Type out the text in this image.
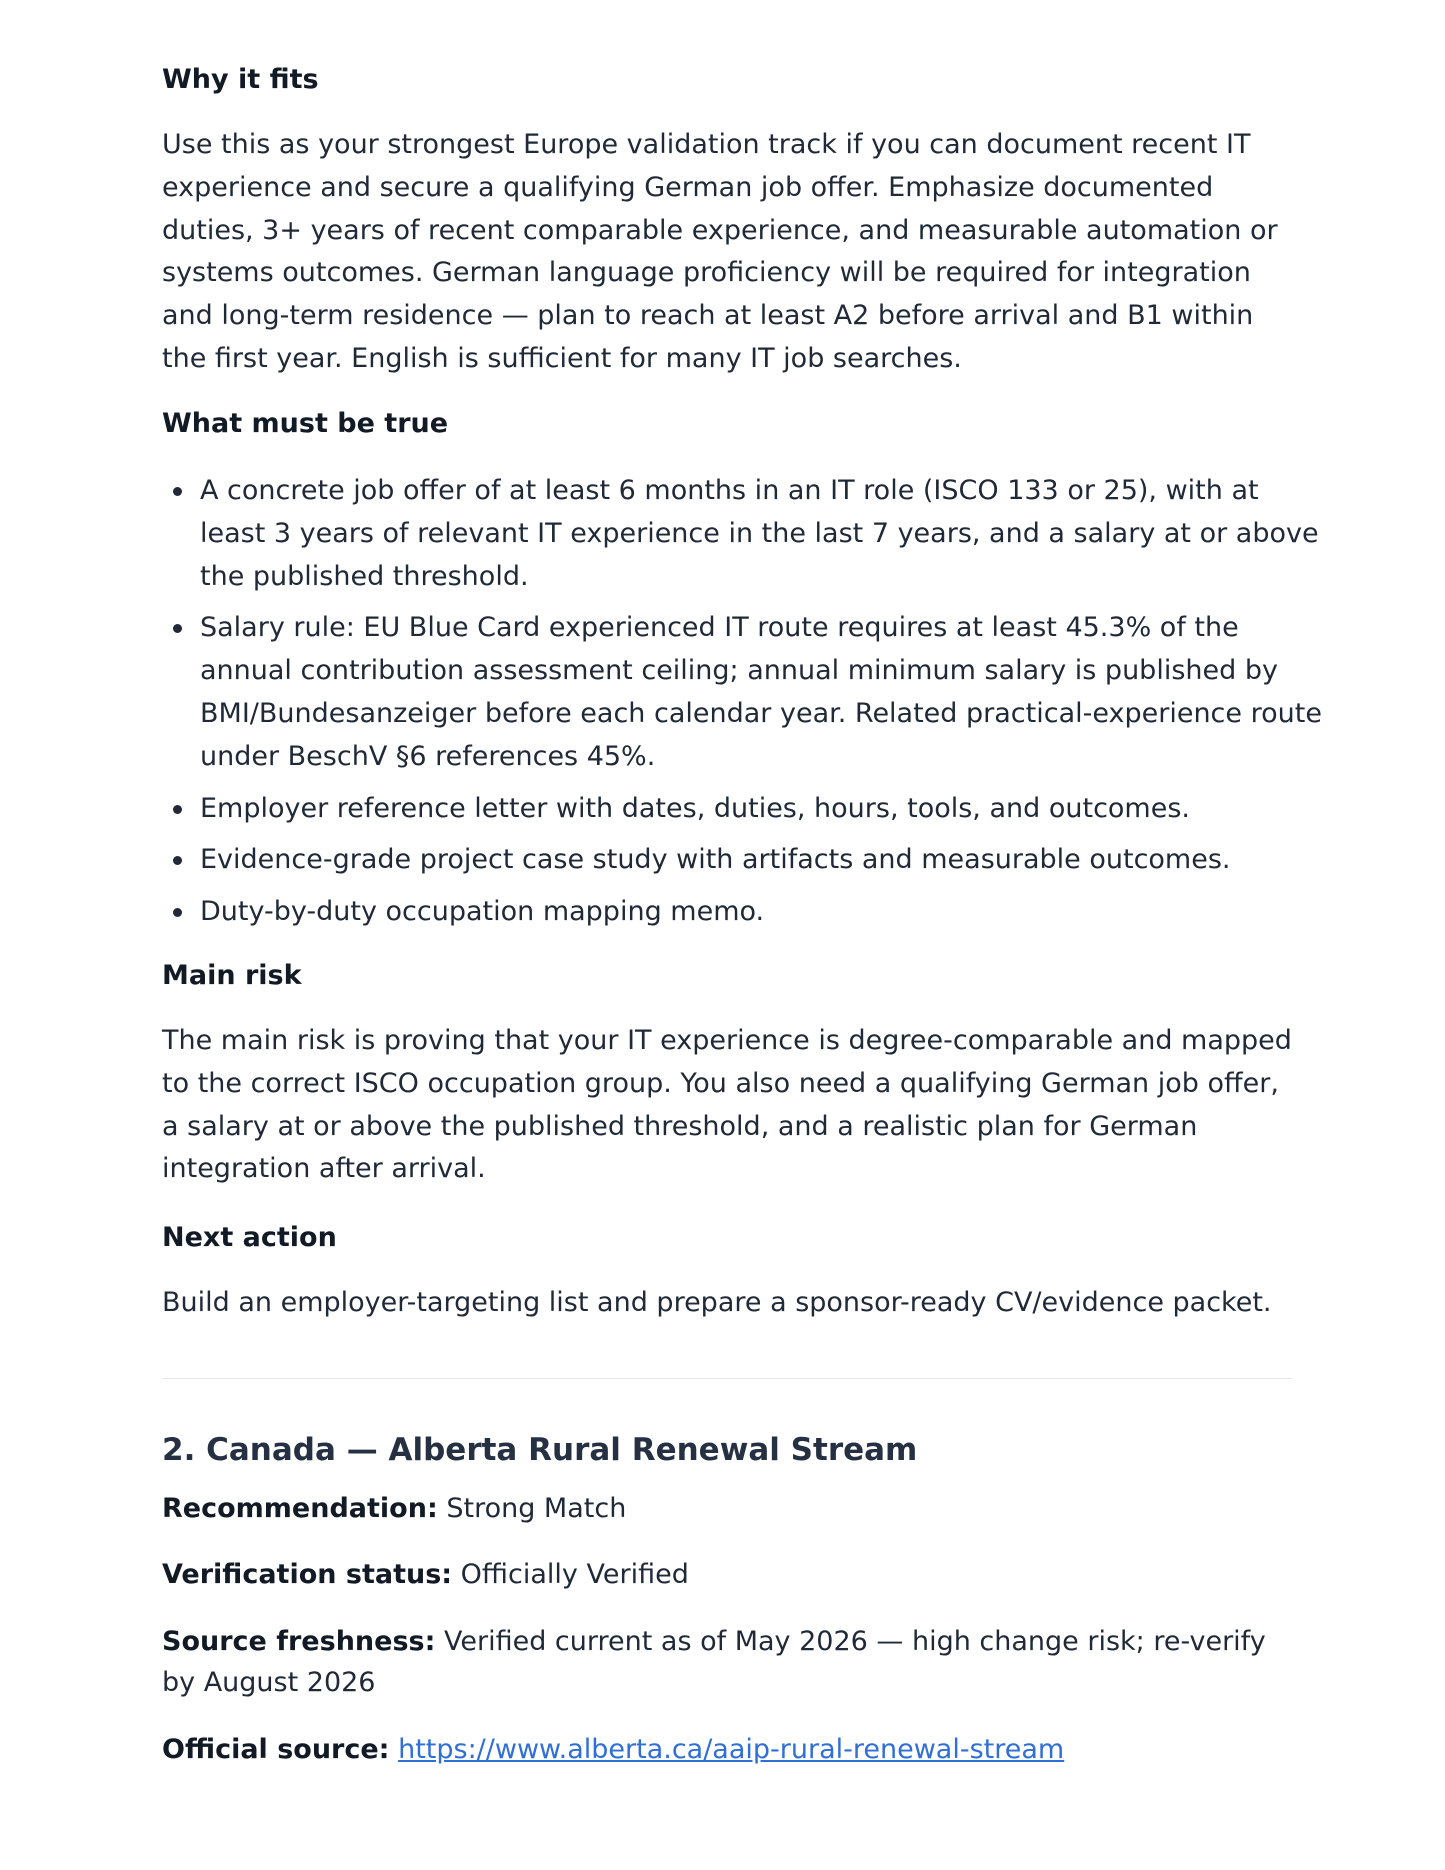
Why it fits

Use this as your strongest Europe validation track if you can document recent IT experience and secure a qualifying German job offer. Emphasize documented duties, 3+ years of recent comparable experience, and measurable automation or systems outcomes. German language proficiency will be required for integration and long-term residence — plan to reach at least A2 before arrival and B1 within the first year. English is sufficient for many IT job searches.

What must be true
A concrete job offer of at least 6 months in an IT role (ISCO 133 or 25), with at least 3 years of relevant IT experience in the last 7 years, and a salary at or above the published threshold.
Salary rule: EU Blue Card experienced IT route requires at least 45.3% of the annual contribution assessment ceiling; annual minimum salary is published by BMI/Bundesanzeiger before each calendar year. Related practical-experience route under BeschV §6 references 45%.
Employer reference letter with dates, duties, hours, tools, and outcomes.
Evidence-grade project case study with artifacts and measurable outcomes.
Duty-by-duty occupation mapping memo.
Main risk

The main risk is proving that your IT experience is degree-comparable and mapped to the correct ISCO occupation group. You also need a qualifying German job offer, a salary at or above the published threshold, and a realistic plan for German integration after arrival.

Next action

Build an employer-targeting list and prepare a sponsor-ready CV/evidence packet.

2. Canada — Alberta Rural Renewal Stream

Recommendation: Strong Match

Verification status: Officially Verified

Source freshness: Verified current as of May 2026 — high change risk; re-verify by August 2026

Official source: https://www.alberta.ca/aaip-rural-renewal-stream
